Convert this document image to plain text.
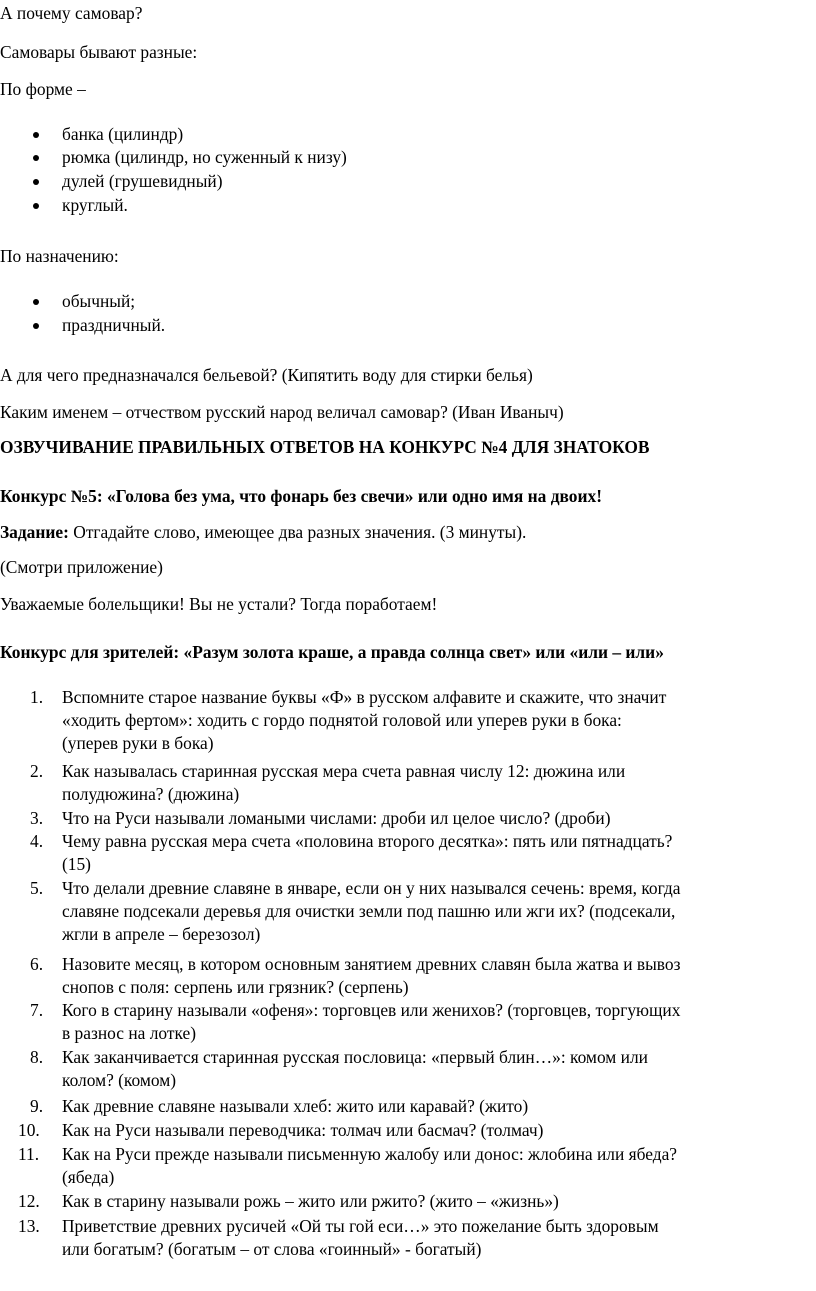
А почему самовар?
Самовары бывают разные:
По форме –
банка (цилиндр)
рюмка (цилиндр, но суженный к низу)
дулей (грушевидный)
круглый.
По назначению:
обычный;
праздничный.
А для чего предназначался бельевой? (Кипятить воду для стирки белья)
Каким именем – отчеством русский народ величал самовар? (Иван Иваныч)
ОЗВУЧИВАНИЕ ПРАВИЛЬНЫХ ОТВЕТОВ НА КОНКУРС №4 ДЛЯ ЗНАТОКОВ
Конкурс №5: «Голова без ума, что фонарь без свечи» или одно имя на двоих!
Задание: Отгадайте слово, имеющее два разных значения. (3 минуты).
(Смотри приложение)
Уважаемые болельщики! Вы не устали? Тогда поработаем!
Конкурс для зрителей: «Разум золота краше, а правда солнца свет» или «или – или»
1.	Вспомните старое название буквы «Ф» в русском алфавите и скажите, что значит
«ходить фертом»: ходить с гордо поднятой головой или уперев руки в бока:
(уперев руки в бока)
2.	Как называлась старинная русская мера счета равная числу 12: дюжина или
полудюжина? (дюжина)
3.	Что на Руси называли ломаными числами: дроби ил целое число? (дроби)
4.	Чему равна русская мера счета «половина второго десятка»: пять или пятнадцать?
(15)
5.	Что делали древние славяне в январе, если он у них назывался сечень: время, когда
славяне подсекали деревья для очистки земли под пашню или жги их? (подсекали,
жгли в апреле – березозол)
6.	Назовите месяц, в котором основным занятием древних славян была жатва и вывоз
снопов с поля: серпень или грязник? (серпень)
7.	Кого в старину называли «офеня»: торговцев или женихов? (торговцев, торгующих
в разнос на лотке)
8.	Как заканчивается старинная русская пословица: «первый блин…»: комом или
колом? (комом)
9.	Как древние славяне называли хлеб: жито или каравай? (жито)
10.	Как на Руси называли переводчика: толмач или басмач? (толмач)
11.	Как на Руси прежде называли письменную жалобу или донос: жлобина или ябеда?
(ябеда)
12.	Как в старину называли рожь – жито или ржито? (жито – «жизнь»)
13.	Приветствие древних русичей «Ой ты гой еси…» это пожелание быть здоровым
или богатым? (богатым – от слова «гоинный» - богатый)
